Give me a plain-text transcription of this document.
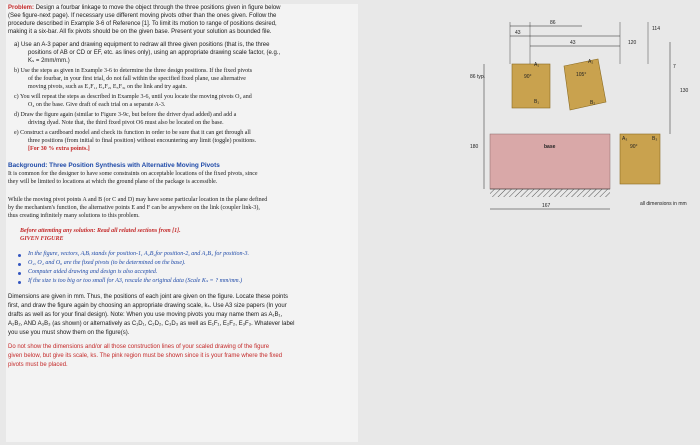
Problem: Design a fourbar linkage to move the object through the three positions given in figure below
(See figure-next page). If necessary use different moving pivots other than the ones given. Follow the
procedure described in Example 3-6 of Reference [1]. To limit its motion to range of positions desired,
making it a six-bar. All fix pivots should be on the given base. Present your solution as bounded file.
a) Use an A-3 paper and drawing equipment to redraw all three given positions (that is, the three
positions of AB or CD or EF, etc. as lines only), using an appropriate drawing scale factor, (e.g.,
Kₛ = 2mm/mm.)
b) Use the steps as given in Example 3-6 to determine the three design positions. If the fixed pivots
of the fourbar, in your first trial, do not fall within the specified fixed plane, use alternative
moving pivots, such as E₁F₁, E₂F₂, E₃F₃, on the link and try again.
c) You will repeat the steps as described in Example 3-6, until you locate the moving pivots O₂ and
O₄ on the base. Give draft of each trial on a separate A-3.
d) Draw the figure again (similar to Figure 3-9c, but before the driver dyad added) and add a
driving dyad. Note that, the third fixed pivot O6 must also be located on the base.
e) Construct a cardboard model and check its function in order to be sure that it can get through all
three positions (from initial to final position) without encountering any limit (toggle) positions.
[For 30 % extra points.]
Background: Three Position Synthesis with Alternative Moving Pivots
It is common for the designer to have some constraints on acceptable locations of the fixed pivots, since
they will be limited to locations at which the ground plane of the package is accessible.
While the moving pivot points A and B (or C and D) may have some particular location in the plane defined
by the mechanism's function, the alternative points E and F can be anywhere on the link (coupler link-3),
thus creating infinitely many solutions to this problem.
Before attemting any solution: Read all related sections from [1].
GIVEN FIGURE
In the figure, vectors, AᵢBᵢ stands for position-1, A₂B₂for position-2, and A₃B₃ for position-3.
O₂, O₄ and O₆ are the fixed pivots (to be determined on the base).
Computer aided drawing and design is also accepted.
If the size is too big or too small for A3, rescale the original data (Scale Kₛ = ? mm/mm.)
Dimensions are given in mm. Thus, the positions of each joint are given on the figure. Locate these points
first, and draw the figure again by choosing an appropriate drawing scale, kₛ. Use A3 size papers (In your
drafts as well as for your final design). Note: When you use moving pivots you may name them as A₁B₁,
A₂B₂, AND A₃B₃ (as shown) or alternatively as C₁D₁, C₂D₂, C₃D₃ as well as E₁F₁, E₂F₂, E₃F₃. Whatever label
you use you must show them on the figure(s).
Do not show the dimensions and/or all those construction lines of your scaled drawing of the figure
given below, but give its scale, ks. The pink region must be shown since it is your frame where the fixed
pivots must be placed.
43
86
43
114
120
7
130
86 typ.
180
167
90°	105°
90°
A₁
B₁
A₂
B₂
A₃	B₃
base
all dimensions in mm
